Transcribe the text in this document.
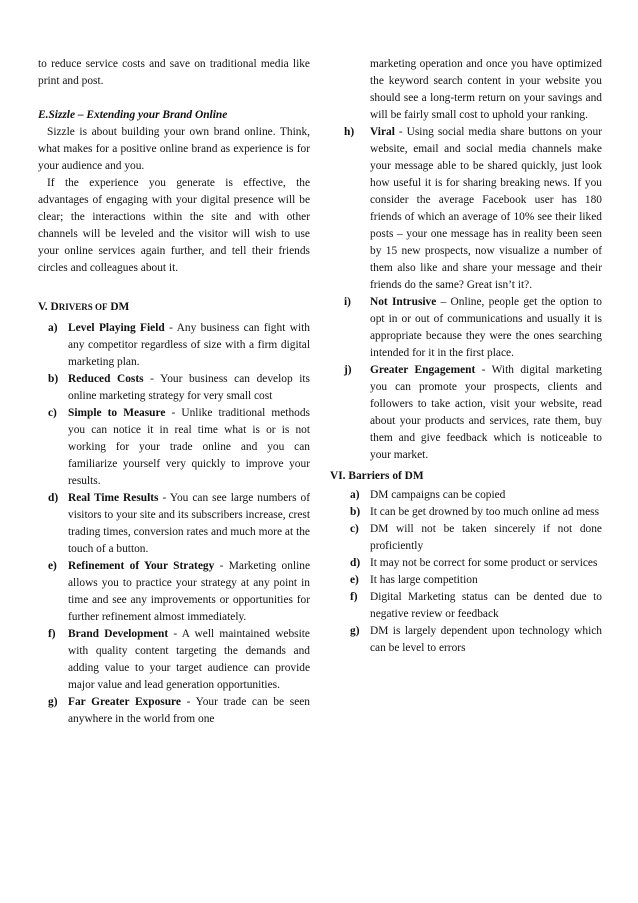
to reduce service costs and save on traditional media like print and post.

E.Sizzle – Extending your Brand Online

Sizzle is about building your own brand online. Think, what makes for a positive online brand as experience is for your audience and you.

If the experience you generate is effective, the advantages of engaging with your digital presence will be clear; the interactions within the site and with other channels will be leveled and the visitor will wish to use your online services again further, and tell their friends circles and colleagues about it.

V. DRIVERS OF DM

a) Level Playing Field - Any business can fight with any competitor regardless of size with a firm digital marketing plan.
b) Reduced Costs - Your business can develop its online marketing strategy for very small cost
c) Simple to Measure - Unlike traditional methods you can notice it in real time what is or is not working for your trade online and you can familiarize yourself very quickly to improve your results.
d) Real Time Results - You can see large numbers of visitors to your site and its subscribers increase, crest trading times, conversion rates and much more at the touch of a button.
e) Refinement of Your Strategy - Marketing online allows you to practice your strategy at any point in time and see any improvements or opportunities for further refinement almost immediately.
f) Brand Development - A well maintained website with quality content targeting the demands and adding value to your target audience can provide major value and lead generation opportunities.
g) Far Greater Exposure - Your trade can be seen anywhere in the world from one

marketing operation and once you have optimized the keyword search content in your website you should see a long-term return on your savings and will be fairly small cost to uphold your ranking.

h) Viral - Using social media share buttons on your website, email and social media channels make your message able to be shared quickly, just look how useful it is for sharing breaking news. If you consider the average Facebook user has 180 friends of which an average of 10% see their liked posts – your one message has in reality been seen by 15 new prospects, now visualize a number of them also like and share your message and their friends do the same? Great isn’t it?.
i) Not Intrusive – Online, people get the option to opt in or out of communications and usually it is appropriate because they were the ones searching intended for it in the first place.
j) Greater Engagement - With digital marketing you can promote your prospects, clients and followers to take action, visit your website, read about your products and services, rate them, buy them and give feedback which is noticeable to your market.

VI. Barriers of DM

a) DM campaigns can be copied
b) It can be get drowned by too much online ad mess
c) DM will not be taken sincerely if not done proficiently
d) It may not be correct for some product or services
e) It has large competition
f) Digital Marketing status can be dented due to negative review or feedback
g) DM is largely dependent upon technology which can be level to errors
